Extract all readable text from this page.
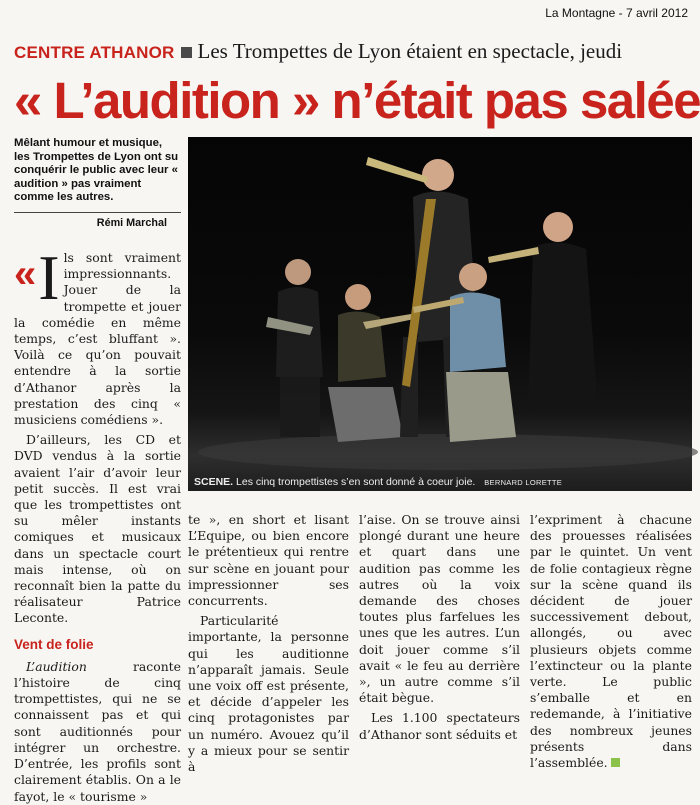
La Montagne - 7 avril 2012
CENTRE ATHANOR Les Trompettes de Lyon étaient en spectacle, jeudi
« L’audition » n’était pas salée
Mêlant humour et musique, les Trompettes de Lyon ont su conquérir le public avec leur « audition » pas vraiment comme les autres.
Rémi Marchal

« I ls sont vraiment impressionnants. Jouer de la trompette et jouer la comédie en même temps, c’est bluffant ». Voilà ce qu’on pouvait entendre à la sortie d’Athanor après la prestation des cinq « musiciens comédiens ».

D’ailleurs, les CD et DVD vendus à la sortie avaient l’air d’avoir leur petit succès. Il est vrai que les trompettistes ont su mêler instants comiques et musicaux dans un spectacle court mais intense, où on reconnaît bien la patte du réalisateur Patrice Leconte.

Vent de folie

L’audition raconte l’histoire de cinq trompettistes, qui ne se connaissent pas et qui sont auditionnés pour intégrer un orchestre. D’entrée, les profils sont clairement établis. On a le fayot, le « tourisme »

te », en short et lisant L’Equipe, ou bien encore le prétentieux qui rentre sur scène en jouant pour impressionner ses concurrents.

Particularité importante, la personne qui les auditionne n’apparaît jamais. Seule une voix off est présente, et décide d’appeler les cinq protagonistes par un numéro. Avouez qu’il y a mieux pour se sentir à

l’aise. On se trouve ainsi plongé durant une heure et quart dans une audition pas comme les autres où la voix demande des choses toutes plus farfelues les unes que les autres. L’un doit jouer comme s’il avait « le feu au derrière », un autre comme s’il était bègue.

Les 1.100 spectateurs d’Athanor sont séduits et

l’expriment à chacune des prouesses réalisées par le quintet. Un vent de folie contagieux règne sur la scène quand ils décident de jouer successivement debout, allongés, ou avec plusieurs objets comme l’extincteur ou la plante verte. Le public s’emballe et en redemande, à l’initiative des nombreux jeunes présents dans l’assemblée.

SCENE. Les cinq trompettistes s’en sont donné à coeur joie. BERNARD LORETTE
